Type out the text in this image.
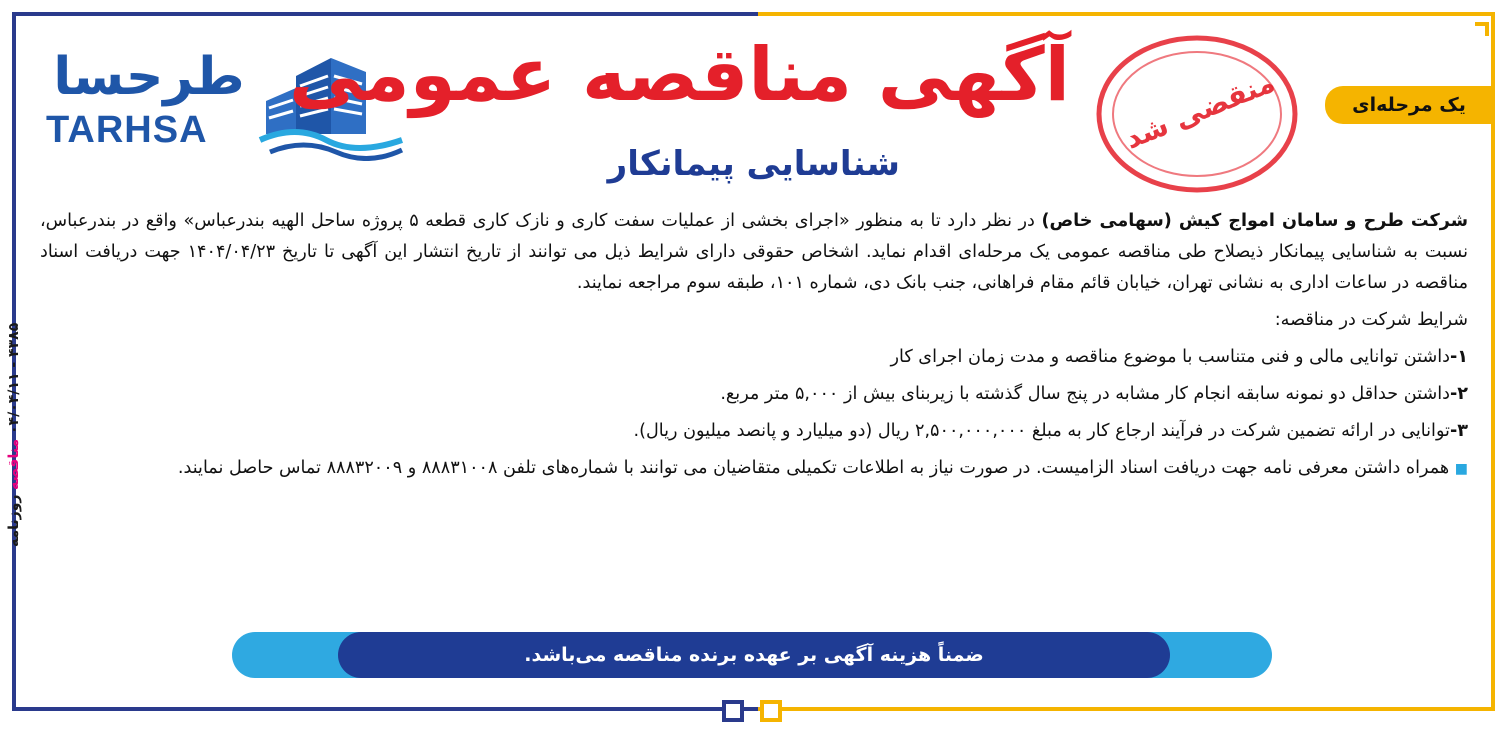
روزنامه

مناقصه

۰۴/۰۴/۱۱ - ۴۳۸۵
یک مرحله‌ای
طرحسا
TARHSA
آگهی مناقصه عمومی
شناسایی پیمانکار
منقضی شد

شرکت طرح و سامان امواج کیش (سهامی خاص) در نظر دارد تا به منظور «اجرای بخشی از عملیات سفت کاری و نازک کاری قطعه ۵ پروژه ساحل الهیه بندرعباس» واقع در بندرعباس، نسبت به شناسایی پیمانکار ذیصلاح طی مناقصه عمومی یک مرحله‌ای اقدام نماید. اشخاص حقوقی دارای شرایط ذیل می توانند از تاریخ انتشار این آگهی تا تاریخ ۱۴۰۴/۰۴/۲۳ جهت دریافت اسناد مناقصه در ساعات اداری به نشانی تهران، خیابان قائم مقام فراهانی، جنب بانک دی، شماره ۱۰۱، طبقه سوم مراجعه نمایند.

شرایط شرکت در مناقصه:

۱-داشتن توانایی مالی و فنی متناسب با موضوع مناقصه و مدت زمان اجرای کار

۲-داشتن حداقل دو نمونه سابقه انجام کار مشابه در پنج سال گذشته با زیربنای بیش از ۵,۰۰۰ متر مربع.

۳-توانایی در ارائه تضمین شرکت در فرآیند ارجاع کار به مبلغ ۲,۵۰۰,۰۰۰,۰۰۰ ریال (دو میلیارد و پانصد میلیون ریال).

■ همراه داشتن معرفی نامه جهت دریافت اسناد الزامیست. در صورت نیاز به اطلاعات تکمیلی متقاضیان می توانند با شماره‌های تلفن ۸۸۸۳۱۰۰۸ و ۸۸۸۳۲۰۰۹ تماس حاصل نمایند.

ضمناً هزینه آگهی بر عهده برنده مناقصه می‌باشد.
